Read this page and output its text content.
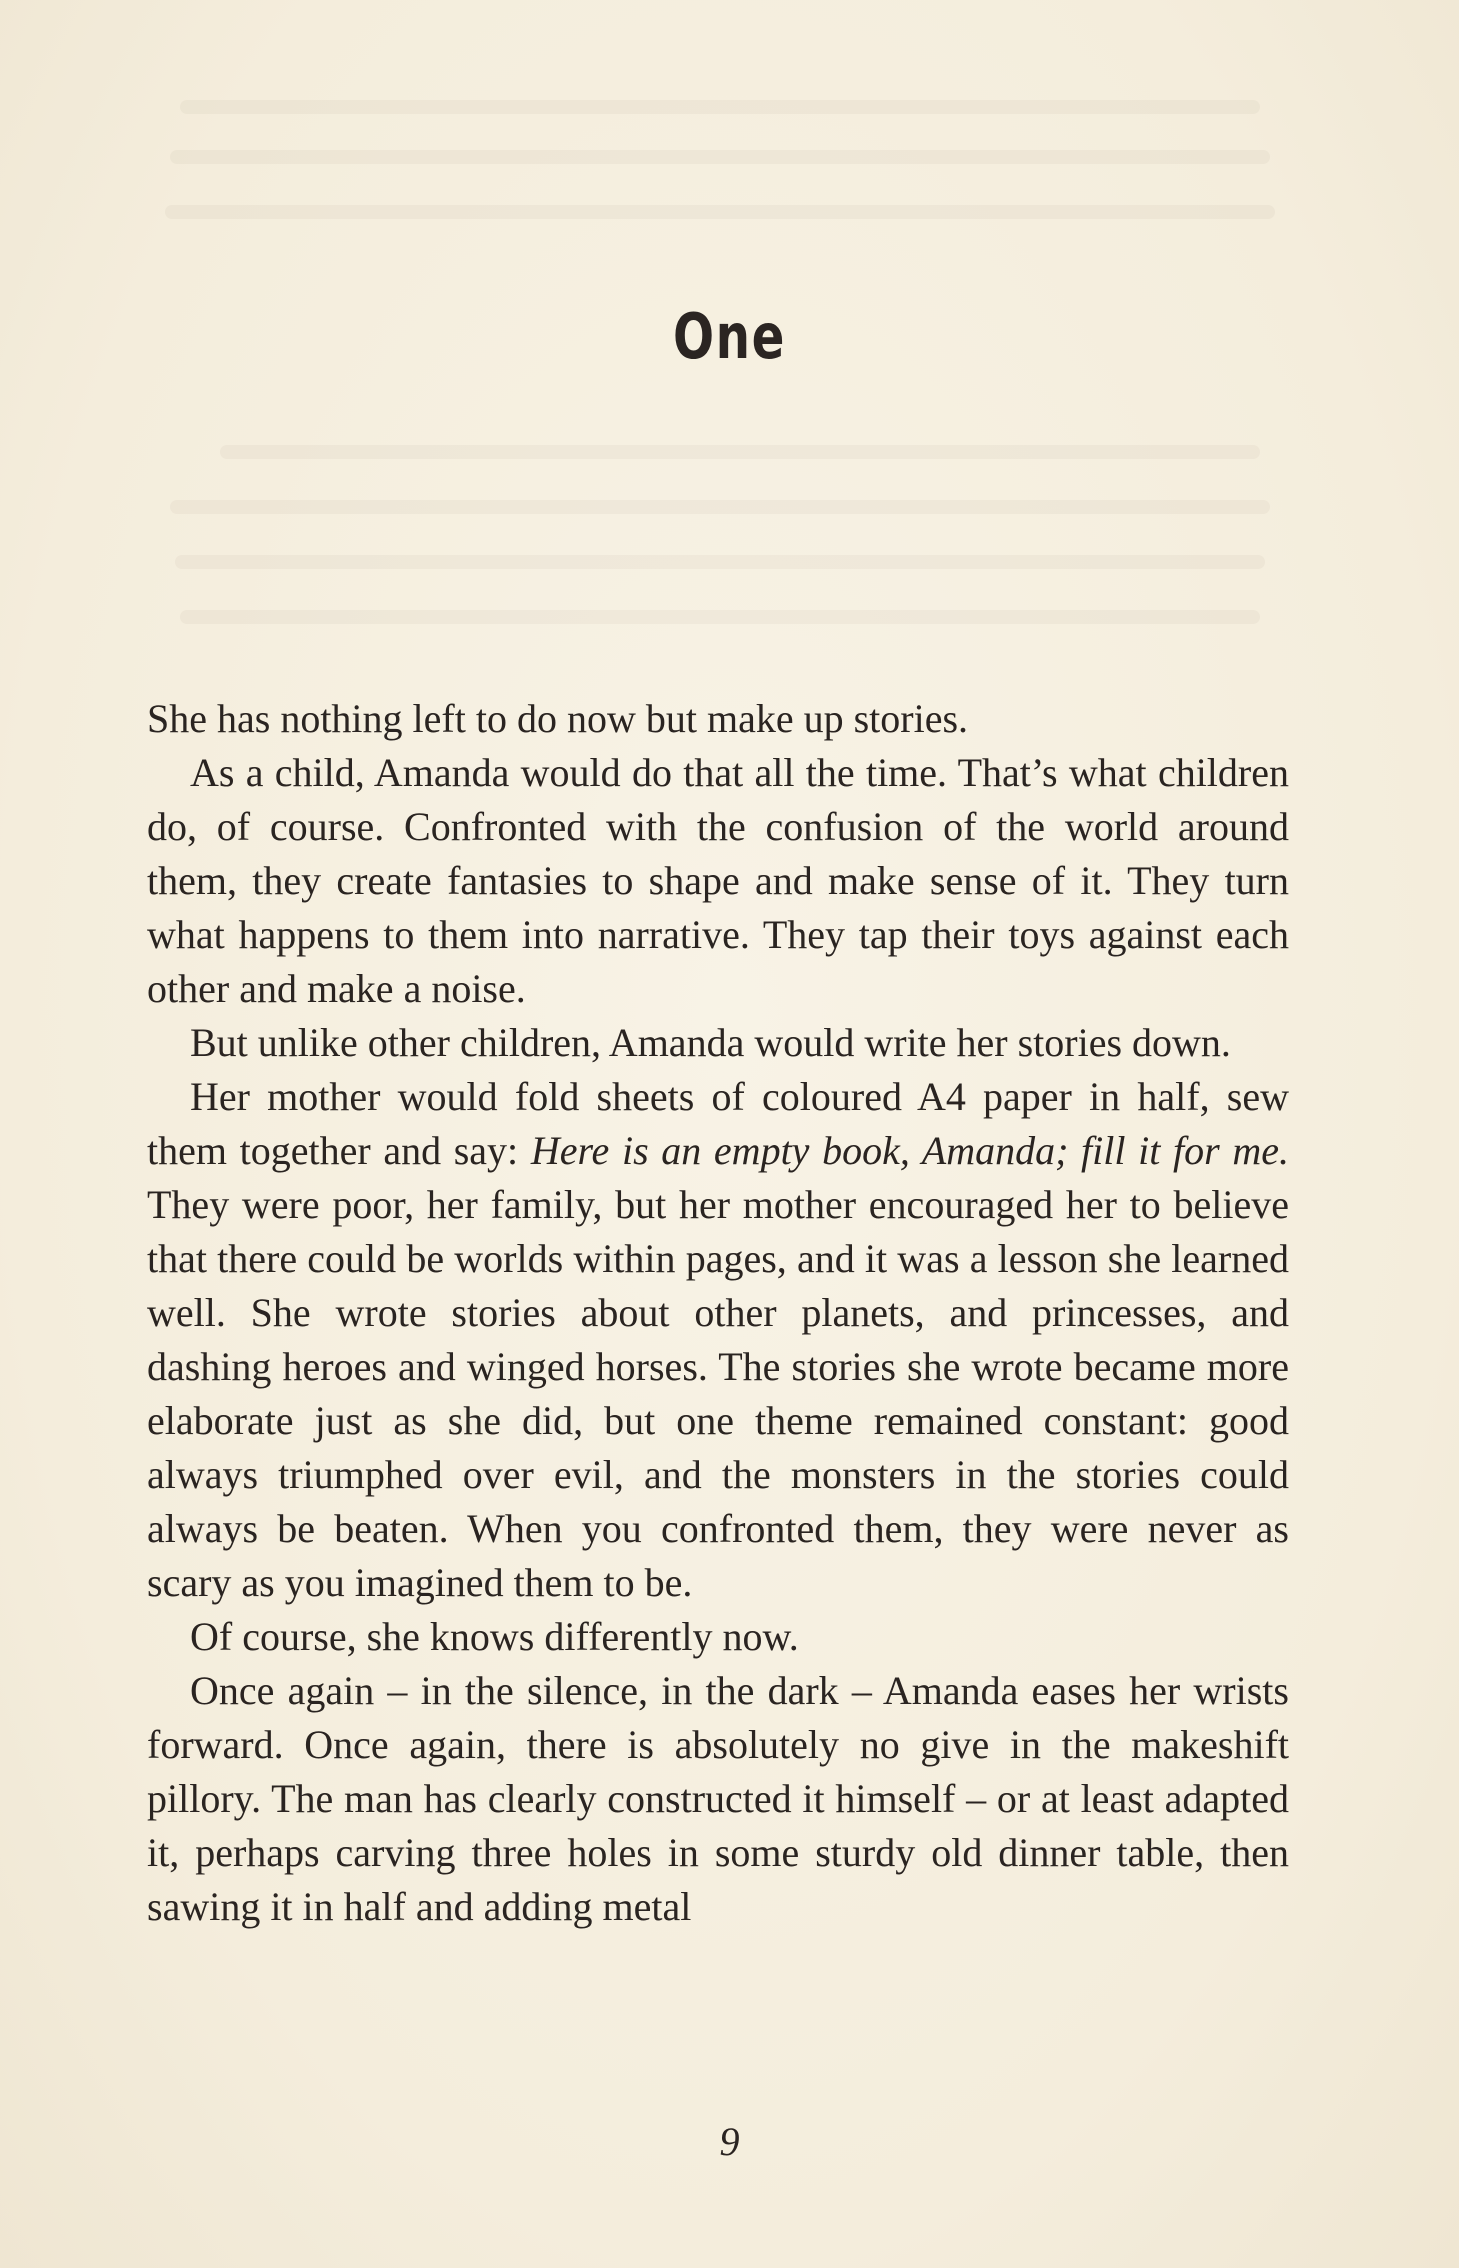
One

She has nothing left to do now but make up stories.

As a child, Amanda would do that all the time. That’s what children do, of course. Confronted with the confusion of the world around them, they create fantasies to shape and make sense of it. They turn what happens to them into narrative. They tap their toys against each other and make a noise.

But unlike other children, Amanda would write her stories down.

Her mother would fold sheets of coloured A4 paper in half, sew them together and say: Here is an empty book, Amanda; fill it for me. They were poor, her family, but her mother encouraged her to believe that there could be worlds within pages, and it was a lesson she learned well. She wrote stories about other planets, and princesses, and dashing heroes and winged horses. The stories she wrote became more elaborate just as she did, but one theme remained constant: good always triumphed over evil, and the monsters in the stories could always be beaten. When you confronted them, they were never as scary as you imagined them to be.

Of course, she knows differently now.

Once again – in the silence, in the dark – Amanda eases her wrists forward. Once again, there is absolutely no give in the makeshift pillory. The man has clearly constructed it himself – or at least adapted it, perhaps carving three holes in some sturdy old dinner table, then sawing it in half and adding metal

9
